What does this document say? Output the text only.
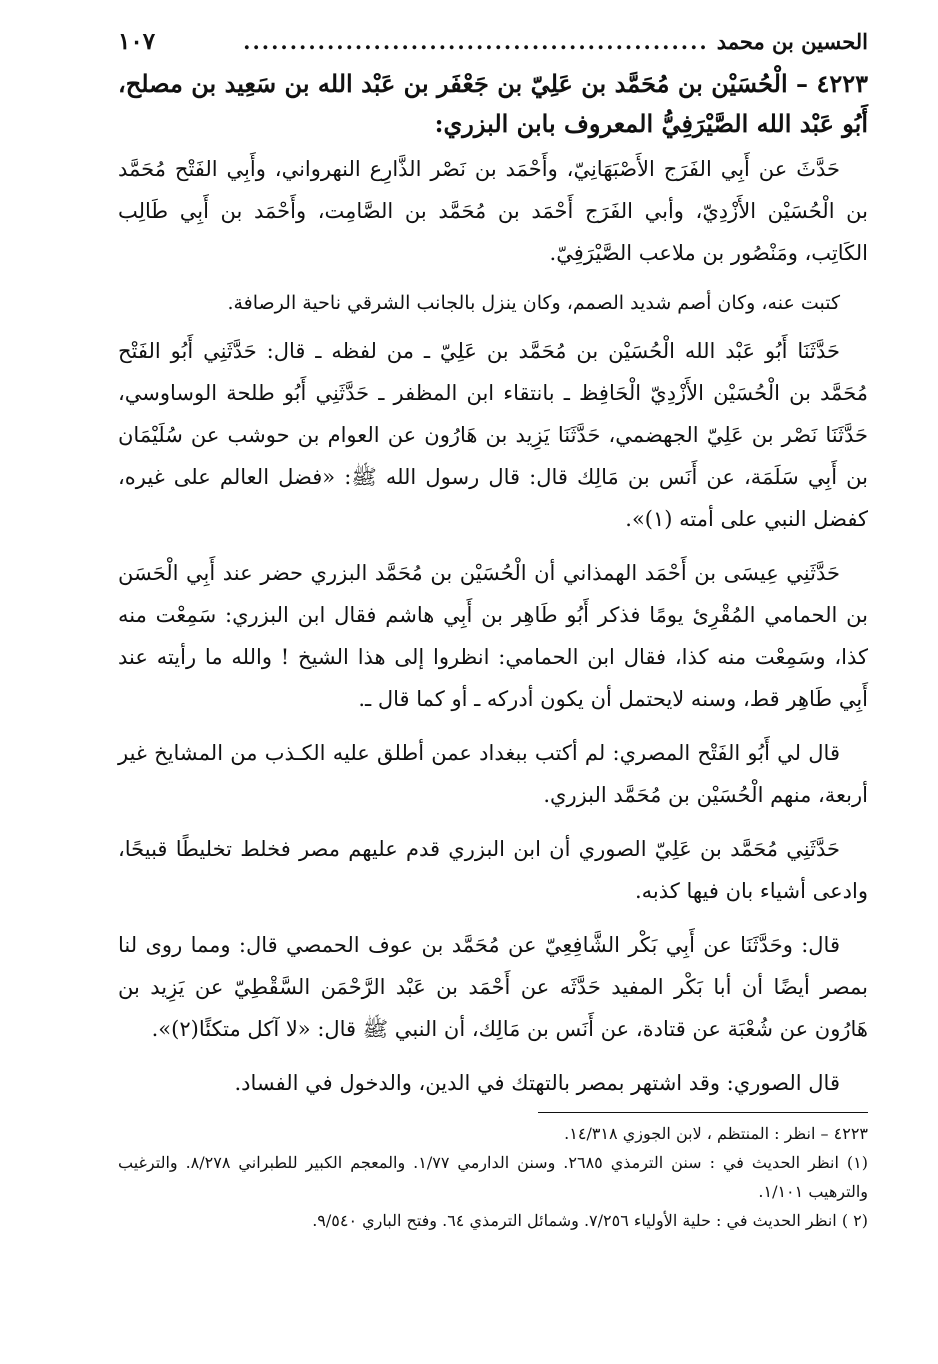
الحسين بن محمد
..................................................
١٠٧
٤٢٢٣ – الْحُسَيْن بن مُحَمَّد بن عَلِيّ بن جَعْفَر بن عَبْد الله بن سَعِيد بن مصلح، أَبُو عَبْد الله الصَّيْرَفِيُّ المعروف بابن البزري:

حَدَّثَ عن أَبِي الفَرَج الأَصْبَهَانِيّ، وأَحْمَد بن نَصْر الذَّارِع النهرواني، وأَبِي الفَتْح مُحَمَّد بن الْحُسَيْن الأَزْدِيّ، وأبي الفَرَج أَحْمَد بن مُحَمَّد بن الصَّامِت، وأَحْمَد بن أَبِي طَالِب الكَاتِب، ومَنْصُور بن ملاعب الصَّيْرَفِيّ.

كتبت عنه، وكان أصم شديد الصمم، وكان ينزل بالجانب الشرقي ناحية الرصافة.

حَدَّثَنَا أَبُو عَبْد الله الْحُسَيْن بن مُحَمَّد بن عَلِيّ ـ من لفظه ـ قال: حَدَّثَنِي أَبُو الفَتْح مُحَمَّد بن الْحُسَيْن الأَزْدِيّ الْحَافِظ ـ بانتقاء ابن المظفر ـ حَدَّثَنِي أَبُو طلحة الوساوسي، حَدَّثَنَا نَصْر بن عَلِيّ الجهضمي، حَدَّثَنَا يَزِيد بن هَارُون عن العوام بن حوشب عن سُلَيْمَان بن أَبِي سَلَمَة، عن أَنَس بن مَالِك قال: قال رسول الله ﷺ: «فضل العالم على غيره، كفضل النبي على أمته (١)».

حَدَّثَنِي عِيسَى بن أَحْمَد الهمذاني أن الْحُسَيْن بن مُحَمَّد البزري حضر عند أَبِي الْحَسَن بن الحمامي المُقْرِئ يومًا فذكر أَبُو طَاهِر بن أَبِي هاشم فقال ابن البزري: سَمِعْت منه كذا، وسَمِعْت منه كذا، فقال ابن الحمامي: انظروا إلى هذا الشيخ ! والله ما رأيته عند أَبِي طَاهِر قط، وسنه لايحتمل أن يكون أدركه ـ أو كما قال ـ.

قال لي أَبُو الفَتْح المصري: لم أكتب ببغداد عمن أطلق عليه الكـذب من المشايخ غير أربعة، منهم الْحُسَيْن بن مُحَمَّد البزري.

حَدَّثَنِي مُحَمَّد بن عَلِيّ الصوري أن ابن البزري قدم عليهم مصر فخلط تخليطًا قبيحًا، وادعى أشياء بان فيها كذبه.

قال: وحَدَّثَنَا عن أَبِي بَكْر الشَّافِعِيّ عن مُحَمَّد بن عوف الحمصي قال: ومما روى لنا بمصر أيضًا أن أبا بَكْر المفيد حَدَّثَه عن أَحْمَد بن عَبْد الرَّحْمَن السَّقْطِيّ عن يَزِيد بن هَارُون عن شُعْبَة عن قتادة، عن أَنَس بن مَالِك، أن النبي ﷺ قال: «لا آكل متكئًا(٢)».

قال الصوري: وقد اشتهر بمصر بالتهتك في الدين، والدخول في الفساد.

٤٢٢٣ – انظر : المنتظم ، لابن الجوزي ١٤/٣١٨.

(١) انظر الحديث في : سنن الترمذي ٢٦٨٥. وسنن الدارمي ١/٧٧. والمعجم الكبير للطبراني ٨/٢٧٨. والترغيب والترهيب ١/١٠١.

(٢ ) انظر الحديث في : حلية الأولياء ٧/٢٥٦. وشمائل الترمذي ٦٤. وفتح الباري ٩/٥٤٠.
